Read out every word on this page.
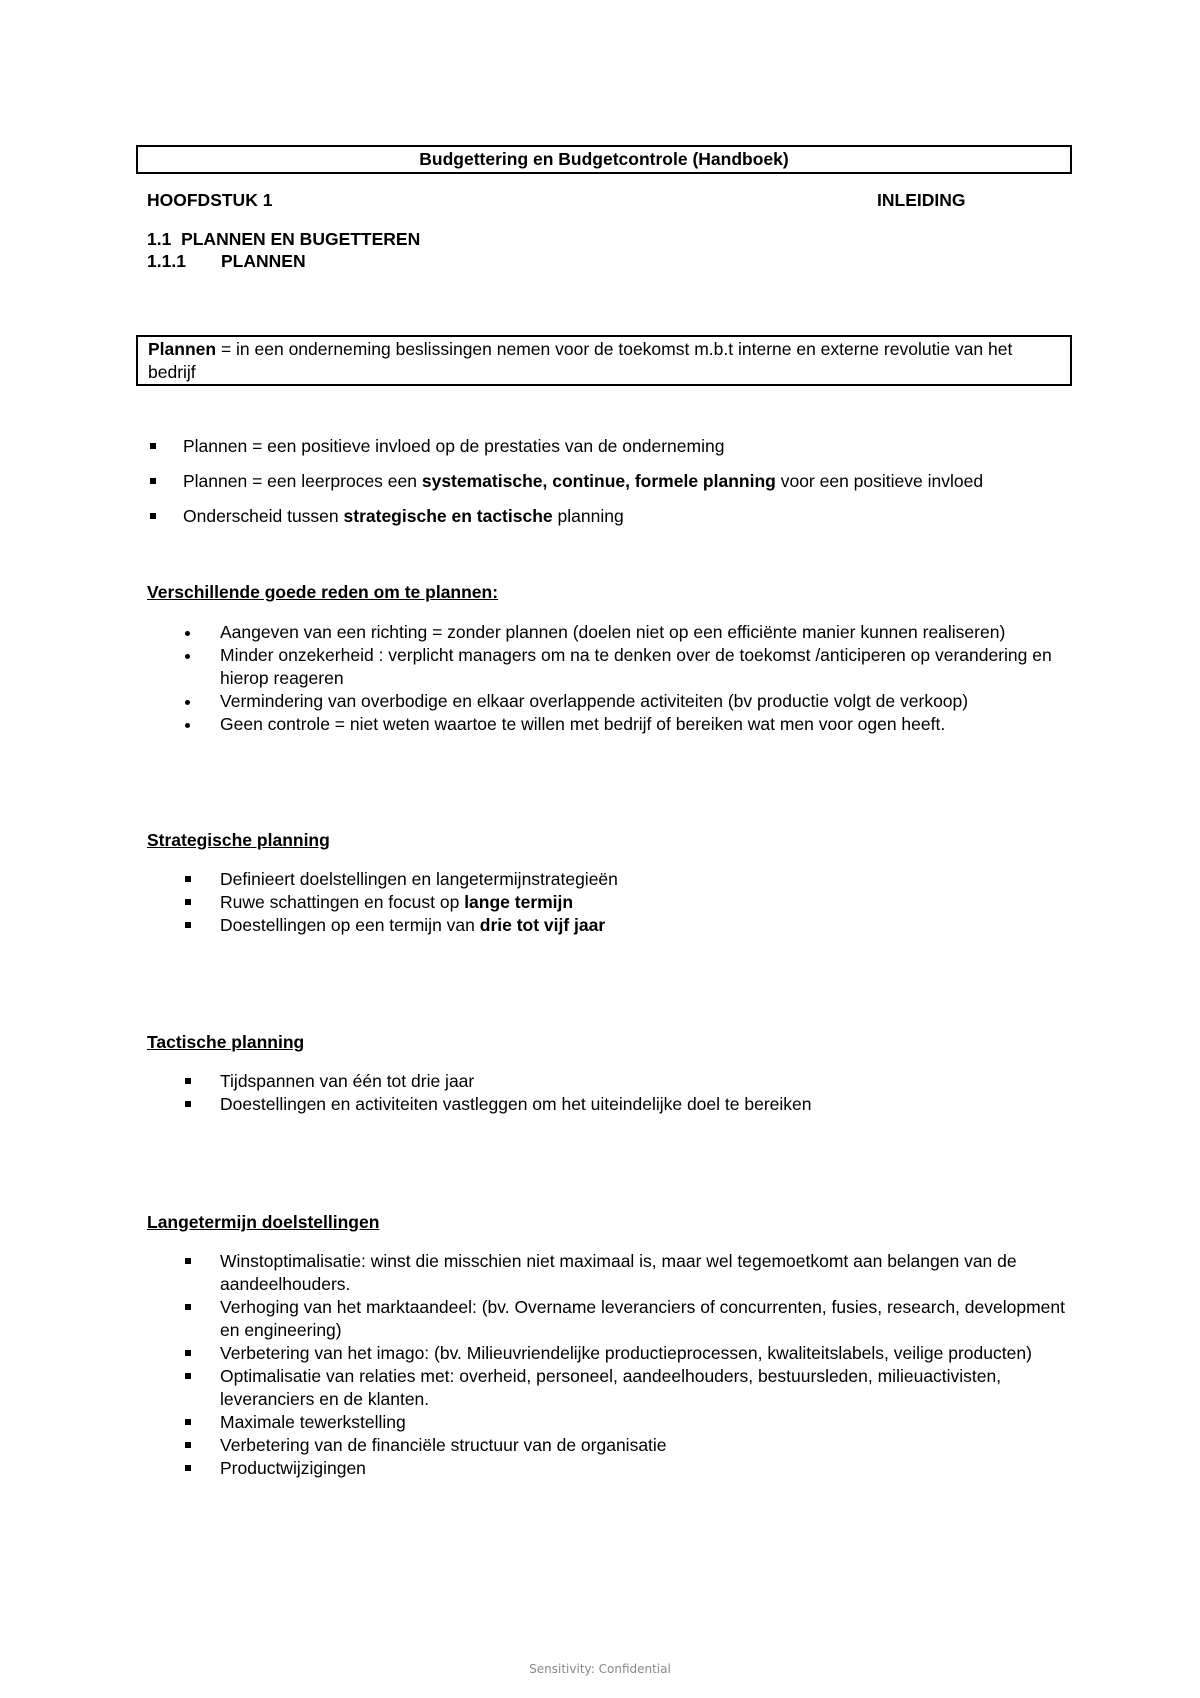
Budgettering en Budgetcontrole (Handboek)
HOOFDSTUK 1	INLEIDING
1.1 PLANNEN EN BUGETTEREN
1.1.1 PLANNEN
Plannen = in een onderneming beslissingen nemen voor de toekomst m.b.t interne en externe revolutie van het bedrijf
Plannen = een positieve invloed op de prestaties van de onderneming
Plannen = een leerproces een systematische, continue, formele planning voor een positieve invloed
Onderscheid tussen strategische en tactische planning
Verschillende goede reden om te plannen:
Aangeven van een richting = zonder plannen (doelen niet op een efficiënte manier kunnen realiseren)
Minder onzekerheid : verplicht managers om na te denken over de toekomst /anticiperen op verandering en hierop reageren
Vermindering van overbodige en elkaar overlappende activiteiten (bv productie volgt de verkoop)
Geen controle = niet weten waartoe te willen met bedrijf of bereiken wat men voor ogen heeft.
Strategische planning
Definieert doelstellingen en langetermijnstrategieën
Ruwe schattingen en focust op lange termijn
Doestellingen op een termijn van drie tot vijf jaar
Tactische planning
Tijdspannen van één tot drie jaar
Doestellingen en activiteiten vastleggen om het uiteindelijke doel te bereiken
Langetermijn doelstellingen
Winstoptimalisatie: winst die misschien niet maximaal is, maar wel tegemoetkomt aan belangen van de aandeelhouders.
Verhoging van het marktaandeel: (bv. Overname leveranciers of concurrenten, fusies, research, development en engineering)
Verbetering van het imago: (bv. Milieuvriendelijke productieprocessen, kwaliteitslabels, veilige producten)
Optimalisatie van relaties met: overheid, personeel, aandeelhouders, bestuursleden, milieuactivisten, leveranciers en de klanten.
Maximale tewerkstelling
Verbetering van de financiële structuur van de organisatie
Productwijzigingen
Sensitivity: Confidential
